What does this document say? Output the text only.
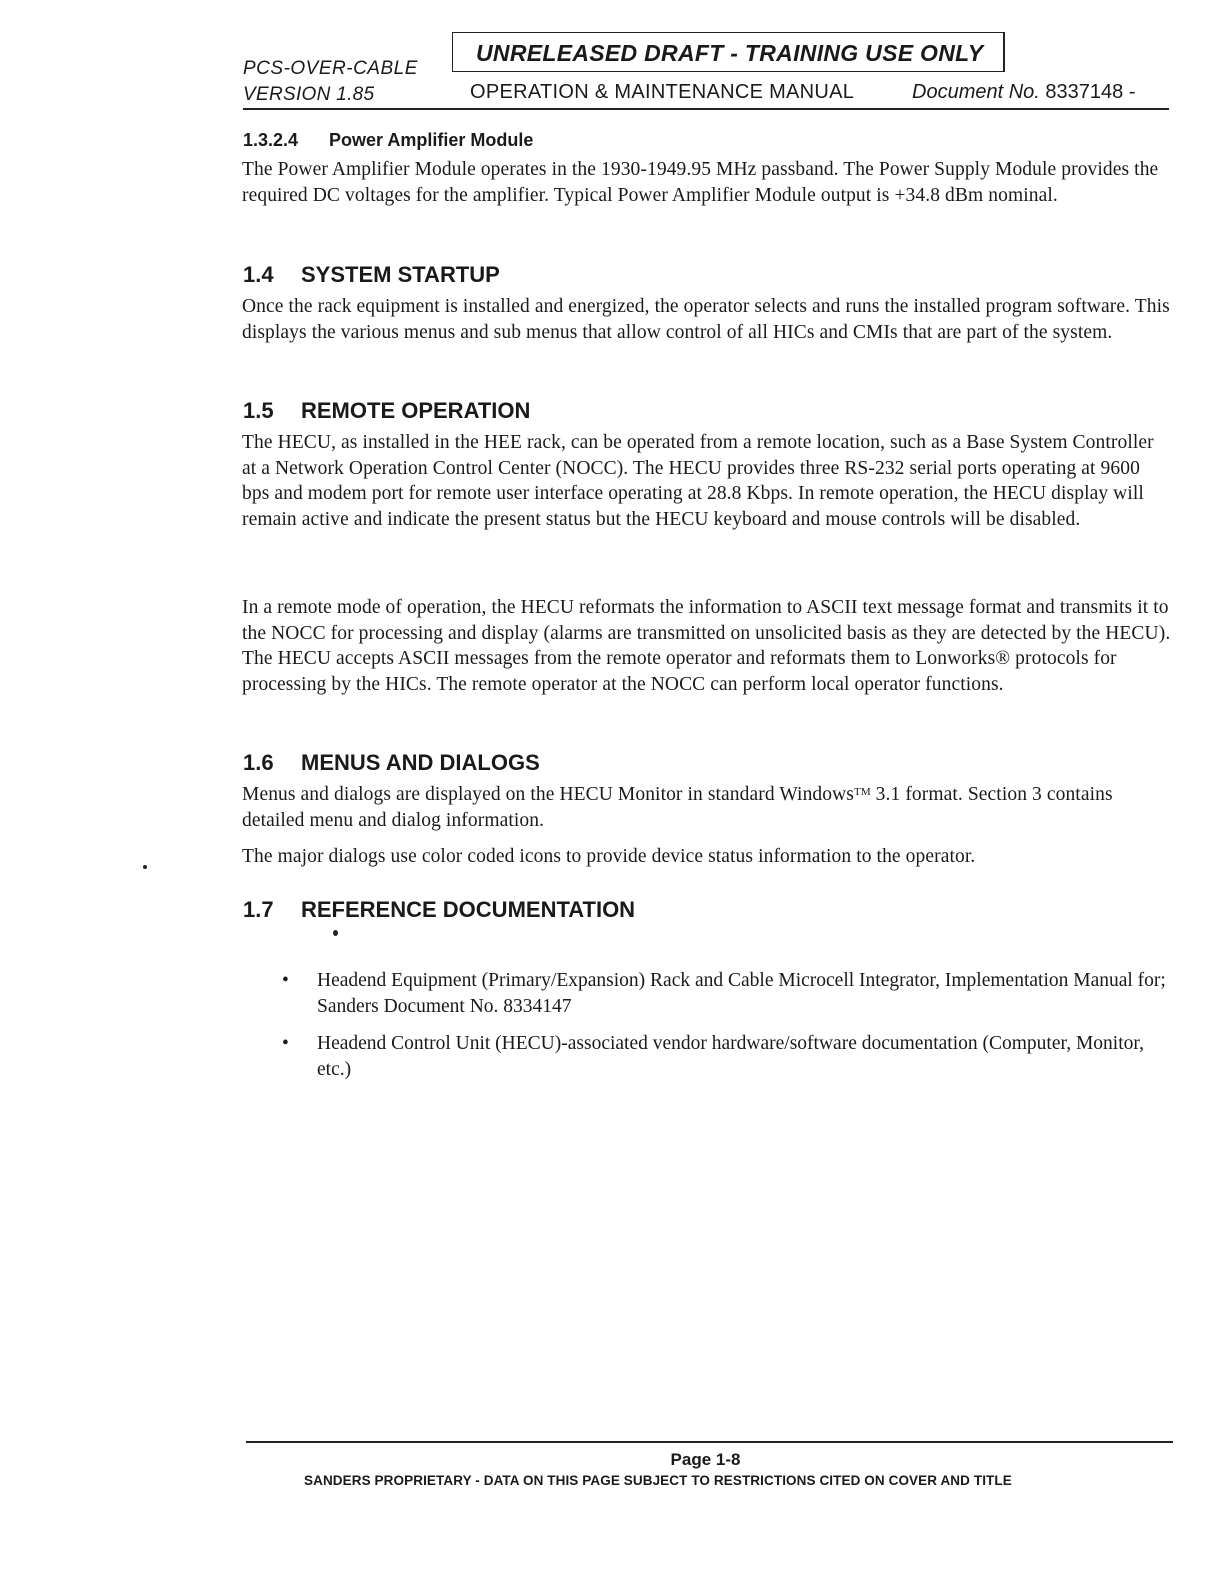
PCS-OVER-CABLE
VERSION 1.85
UNRELEASED DRAFT - TRAINING USE ONLY
OPERATION & MAINTENANCE MANUAL	Document No. 8337148 -
1.3.2.4 Power Amplifier Module
The Power Amplifier Module operates in the 1930-1949.95 MHz passband. The Power Supply Module provides the required DC voltages for the amplifier. Typical Power Amplifier Module output is +34.8 dBm nominal.
1.4 SYSTEM STARTUP
Once the rack equipment is installed and energized, the operator selects and runs the installed program software. This displays the various menus and sub menus that allow control of all HICs and CMIs that are part of the system.
1.5 REMOTE OPERATION
The HECU, as installed in the HEE rack, can be operated from a remote location, such as a Base System Controller at a Network Operation Control Center (NOCC). The HECU provides three RS-232 serial ports operating at 9600 bps and modem port for remote user interface operating at 28.8 Kbps. In remote operation, the HECU display will remain active and indicate the present status but the HECU keyboard and mouse controls will be disabled.
In a remote mode of operation, the HECU reformats the information to ASCII text message format and transmits it to the NOCC for processing and display (alarms are transmitted on unsolicited basis as they are detected by the HECU). The HECU accepts ASCII messages from the remote operator and reformats them to Lonworks® protocols for processing by the HICs. The remote operator at the NOCC can perform local operator functions.
1.6 MENUS AND DIALOGS
Menus and dialogs are displayed on the HECU Monitor in standard Windows™ 3.1 format. Section 3 contains detailed menu and dialog information.
The major dialogs use color coded icons to provide device status information to the operator.
1.7 REFERENCE DOCUMENTATION
• Headend Equipment (Primary/Expansion) Rack and Cable Microcell Integrator, Implementation Manual for; Sanders Document No. 8334147
• Headend Control Unit (HECU)-associated vendor hardware/software documentation (Computer, Monitor, etc.)
Page 1-8
SANDERS PROPRIETARY - DATA ON THIS PAGE SUBJECT TO RESTRICTIONS CITED ON COVER AND TITLE
